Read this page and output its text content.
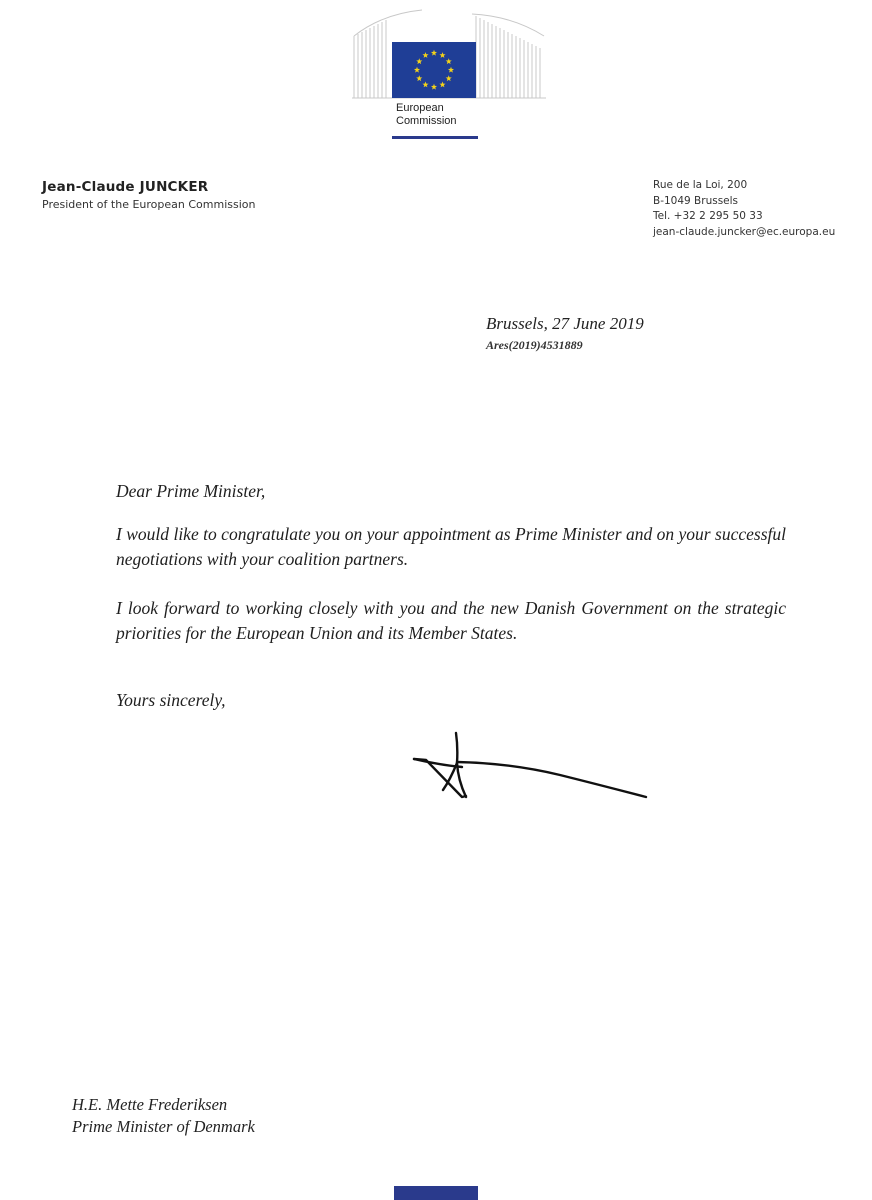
European
Commission
Jean-Claude JUNCKER
President of the European Commission
Rue de la Loi, 200
B-1049 Brussels
Tel. +32 2 295 50 33
jean-claude.juncker@ec.europa.eu
Brussels, 27 June 2019
Ares(2019)4531889
Dear Prime Minister,
I would like to congratulate you on your appointment as Prime Minister and on your successful negotiations with your coalition partners.
I look forward to working closely with you and the new Danish Government on the strategic priorities for the European Union and its Member States.
Yours sincerely,
H.E. Mette Frederiksen
Prime Minister of Denmark
